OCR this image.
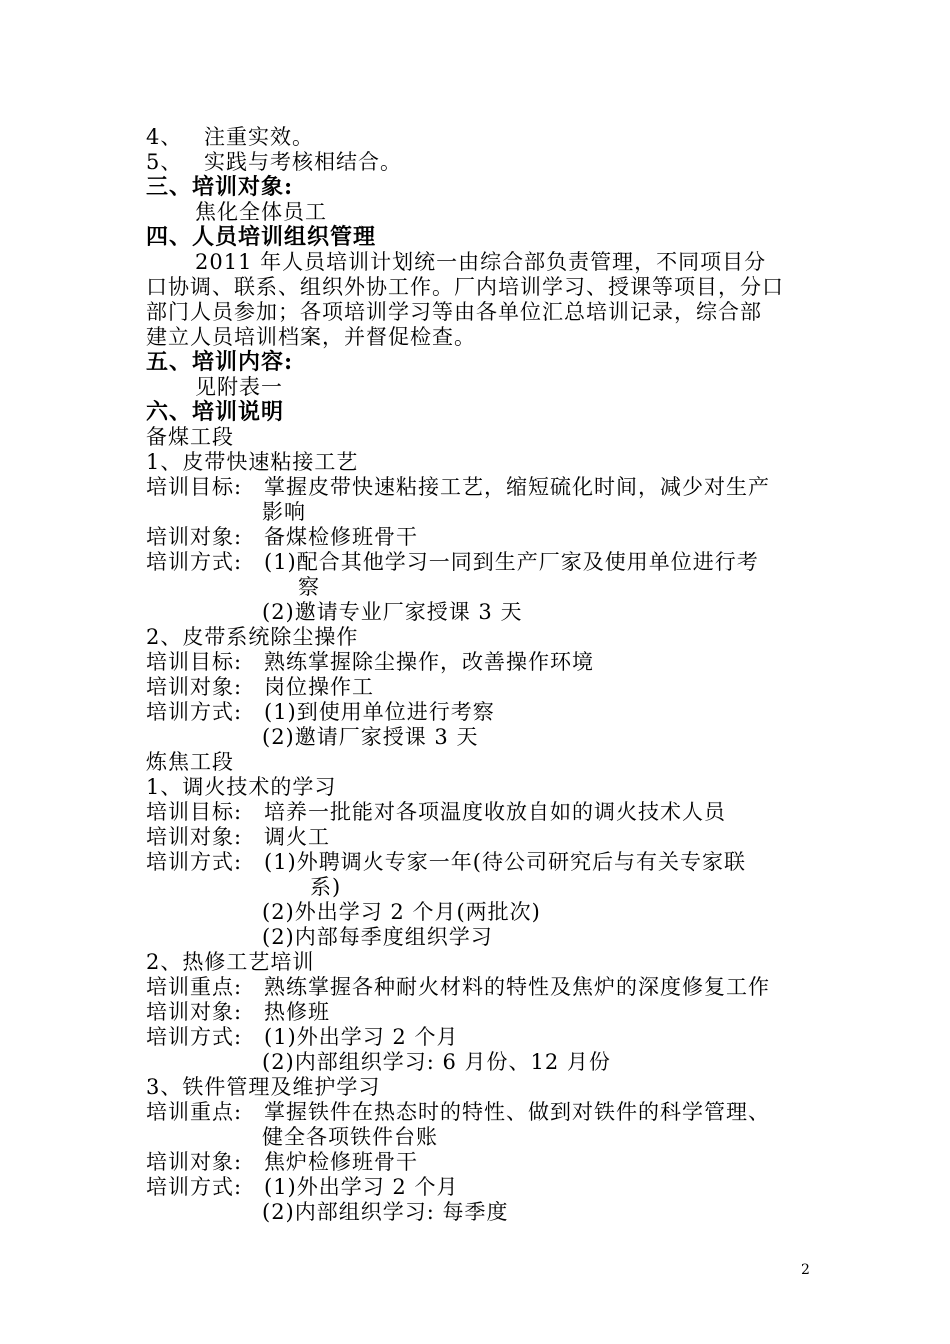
4、 注重实效。
5、 实践与考核相结合。
三、培训对象:
焦化全体员工
四、人员培训组织管理
2011 年人员培训计划统一由综合部负责管理，不同项目分
口协调、联系、组织外协工作。厂内培训学习、授课等项目，分口
部门人员参加；各项培训学习等由各单位汇总培训记录，综合部
建立人员培训档案，并督促检查。
五、培训内容:
见附表一
六、培训说明
备煤工段
1、皮带快速粘接工艺
培训目标: 掌握皮带快速粘接工艺，缩短硫化时间，减少对生产
影响
培训对象: 备煤检修班骨干
培训方式: (1)配合其他学习一同到生产厂家及使用单位进行考
察
(2)邀请专业厂家授课 3 天
2、皮带系统除尘操作
培训目标: 熟练掌握除尘操作，改善操作环境
培训对象: 岗位操作工
培训方式: (1)到使用单位进行考察
(2)邀请厂家授课 3 天
炼焦工段
1、调火技术的学习
培训目标: 培养一批能对各项温度收放自如的调火技术人员
培训对象: 调火工
培训方式: (1)外聘调火专家一年(待公司研究后与有关专家联
系)
(2)外出学习 2 个月(两批次)
(2)内部每季度组织学习
2、热修工艺培训
培训重点: 熟练掌握各种耐火材料的特性及焦炉的深度修复工作
培训对象: 热修班
培训方式: (1)外出学习 2 个月
(2)内部组织学习: 6 月份、12 月份
3、铁件管理及维护学习
培训重点: 掌握铁件在热态时的特性、做到对铁件的科学管理、
健全各项铁件台账
培训对象: 焦炉检修班骨干
培训方式: (1)外出学习 2 个月
(2)内部组织学习: 每季度
2
